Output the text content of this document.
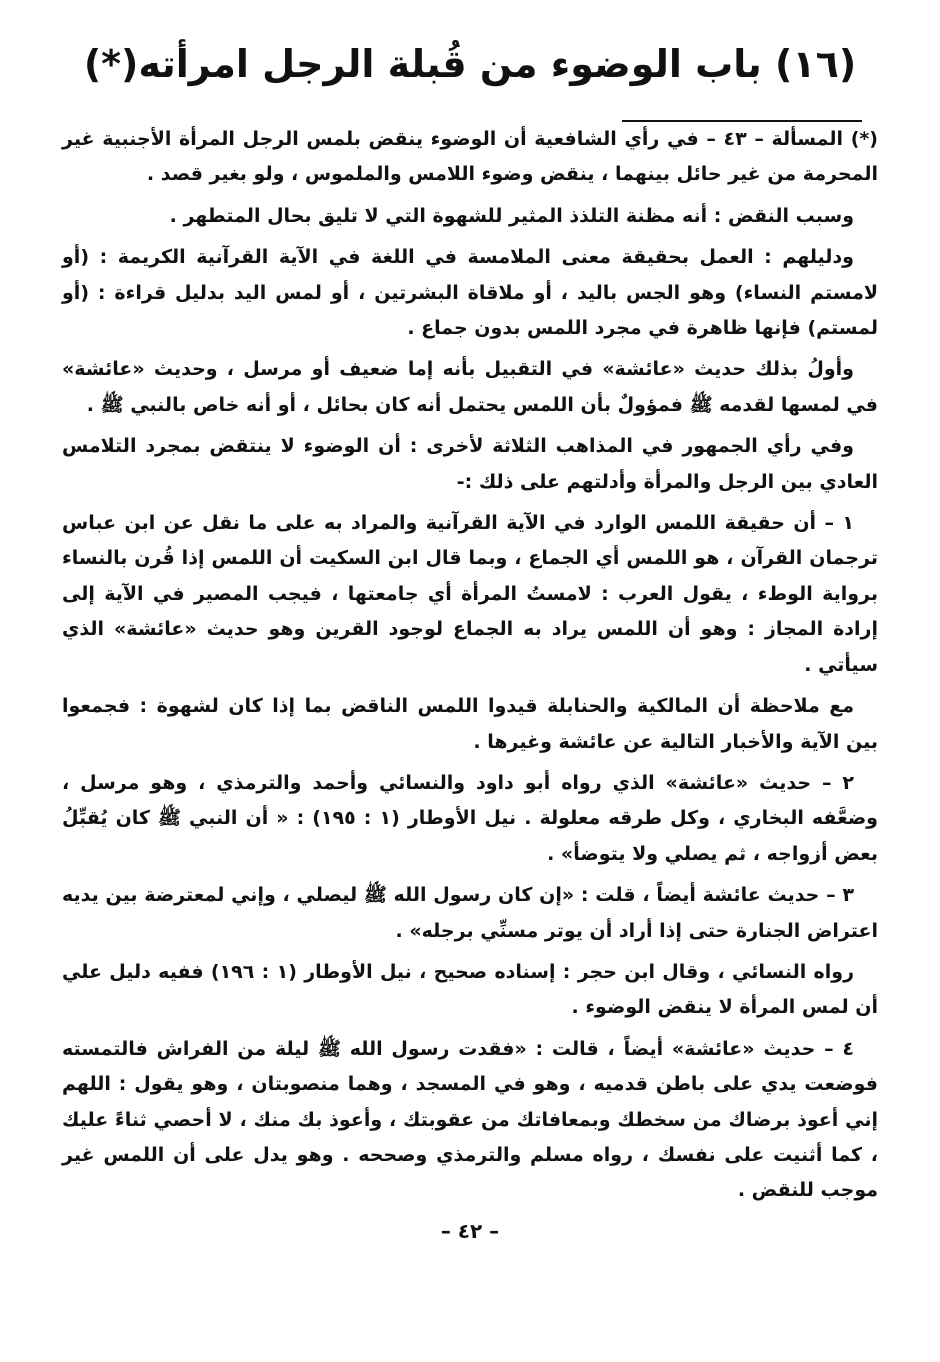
(١٦) باب الوضوء من قُبلة الرجل امرأته(*)

(*) المسألة – ٤٣ – في رأي الشافعية أن الوضوء ينقض بلمس الرجل المرأة الأجنبية غير المحرمة من غير حائل بينهما ، ينقض وضوء اللامس والملموس ، ولو بغير قصد .

وسبب النقض : أنه مظنة التلذذ المثير للشهوة التي لا تليق بحال المتطهر .

ودليلهم : العمل بحقيقة معنى الملامسة في اللغة في الآية القرآنية الكريمة : (أو لامستم النساء) وهو الجس باليد ، أو ملاقاة البشرتين ، أو لمس اليد بدليل قراءة : (أو لمستم) فإنها ظاهرة في مجرد اللمس بدون جماع .

وأولُ بذلك حديث «عائشة» في التقبيل بأنه إما ضعيف أو مرسل ، وحديث «عائشة» في لمسها لقدمه ﷺ فمؤولٌ بأن اللمس يحتمل أنه كان بحائل ، أو أنه خاص بالنبي ﷺ .

وفي رأي الجمهور في المذاهب الثلاثة لأخرى : أن الوضوء لا ينتقض بمجرد التلامس العادي بين الرجل والمرأة وأدلتهم على ذلك :-

١ – أن حقيقة اللمس الوارد في الآية القرآنية والمراد به على ما نقل عن ابن عباس ترجمان القرآن ، هو اللمس أي الجماع ، وبما قال ابن السكيت أن اللمس إذا قُرن بالنساء برواية الوطء ، يقول العرب : لامستُ المرأة أي جامعتها ، فيجب المصير في الآية إلى إرادة المجاز : وهو أن اللمس يراد به الجماع لوجود القرين وهو حديث «عائشة» الذي سيأتي .

مع ملاحظة أن المالكية والحنابلة قيدوا اللمس الناقض بما إذا كان لشهوة : فجمعوا بين الآية والأخبار التالية عن عائشة وغيرها .

٢ – حديث «عائشة» الذي رواه أبو داود والنسائي وأحمد والترمذي ، وهو مرسل ، وضعَّفه البخاري ، وكل طرقه معلولة . نيل الأوطار (١ : ١٩٥) : « أن النبي ﷺ كان يُقبِّلُ بعض أزواجه ، ثم يصلي ولا يتوضأ» .

٣ – حديث عائشة أيضاً ، قلت : «إن كان رسول الله ﷺ ليصلي ، وإني لمعترضة بين يديه اعتراض الجنارة حتى إذا أراد أن يوتر مسنِّي برجله» .

رواه النسائي ، وقال ابن حجر : إسناده صحيح ، نيل الأوطار (١ : ١٩٦) ففيه دليل علي أن لمس المرأة لا ينقض الوضوء .

٤ – حديث «عائشة» أيضاً ، قالت : «فقدت رسول الله ﷺ ليلة من الفراش فالتمسته فوضعت يدي على باطن قدميه ، وهو في المسجد ، وهما منصوبتان ، وهو يقول : اللهم إني أعوذ برضاك من سخطك وبمعافاتك من عقوبتك ، وأعوذ بك منك ، لا أحصي ثناءً عليك ، كما أثنيت على نفسك ، رواه مسلم والترمذي وصححه . وهو يدل على أن اللمس غير موجب للنقض .

– ٤٢ –
